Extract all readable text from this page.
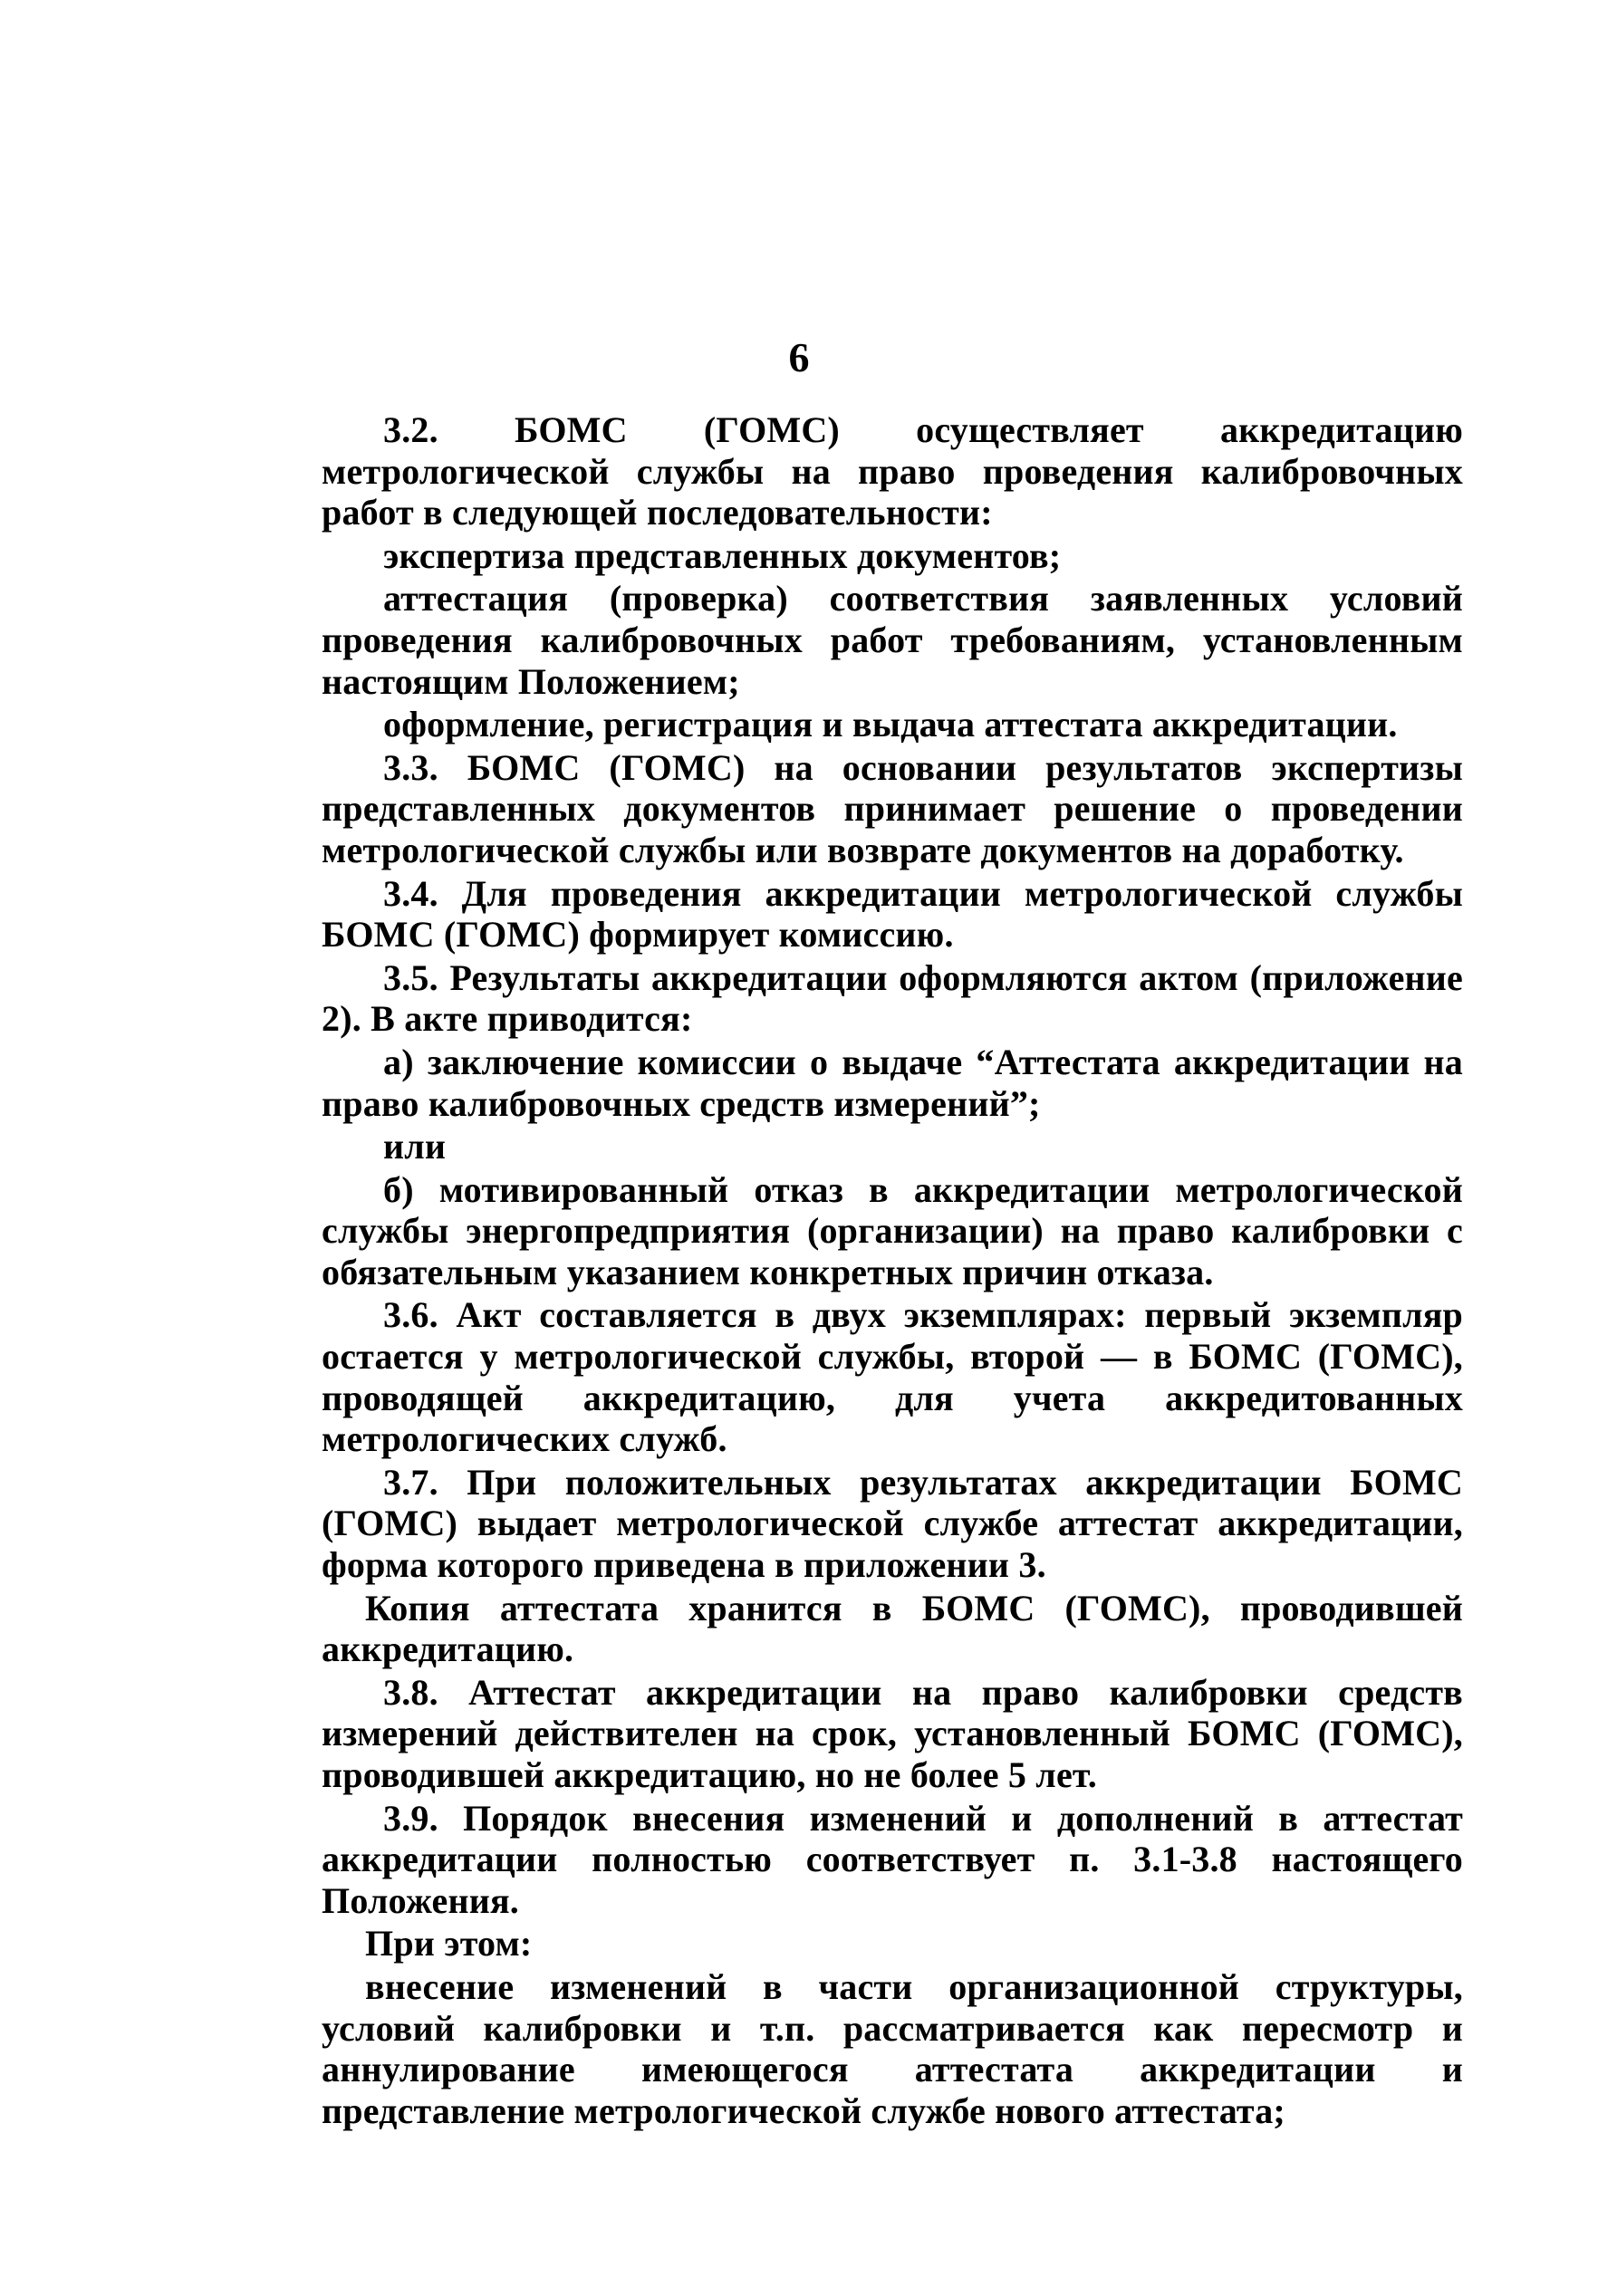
6

3.2. БОМС (ГОМС) осуществляет аккредитацию метрологической службы на право проведения калибровочных работ в следующей последовательности:

экспертиза представленных документов;

аттестация (проверка) соответствия заявленных условий проведения калибровочных работ требованиям, установленным настоящим Положением;

оформление, регистрация и выдача аттестата аккредитации.

3.3. БОМС (ГОМС) на основании результатов экспертизы представленных документов принимает решение о проведении метрологической службы или возврате документов на доработку.

3.4. Для проведения аккредитации метрологической службы БОМС (ГОМС) формирует комиссию.

3.5. Результаты аккредитации оформляются актом (приложение 2). В акте приводится:

а) заключение комиссии о выдаче “Аттестата аккредитации на право калибровочных средств измерений”;

или

б) мотивированный отказ в аккредитации метрологической службы энергопредприятия (организации) на право калибровки с обязательным указанием конкретных причин отказа.

3.6. Акт составляется в двух экземплярах: первый экземпляр остается у метрологической службы, второй — в БОМС (ГОМС), проводящей аккредитацию, для учета аккредитованных метрологических служб.

3.7. При положительных результатах аккредитации БОМС (ГОМС) выдает метрологической службе аттестат аккредитации, форма которого приведена в приложении 3.

Копия аттестата хранится в БОМС (ГОМС), проводившей аккредитацию.

3.8. Аттестат аккредитации на право калибровки средств измерений действителен на срок, установленный БОМС (ГОМС), проводившей аккредитацию, но не более 5 лет.

3.9. Порядок внесения изменений и дополнений в аттестат аккредитации полностью соответствует п. 3.1-3.8 настоящего Положения.

При этом:

внесение изменений в части организационной структуры, условий калибровки и т.п. рассматривается как пересмотр и аннулирование имеющегося аттестата аккредитации и представление метрологической службе нового аттестата;
